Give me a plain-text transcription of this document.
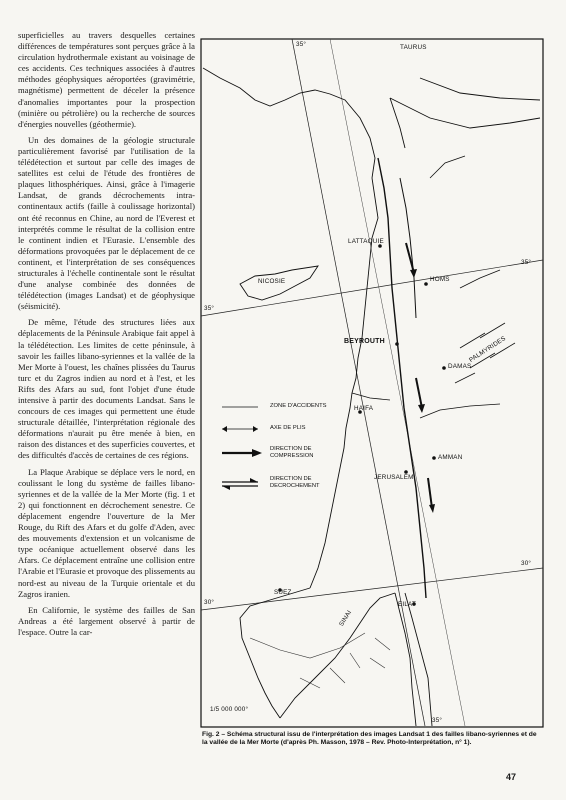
superficielles au travers desquelles certaines différences de températures sont perçues grâce à la circulation hydrothermale existant au voisinage de ces accidents. Ces techniques associées à d'autres méthodes géophysiques aéroportées (gravimétrie, magnétisme) permettent de déceler la présence d'anomalies importantes pour la prospection (minière ou pétrolière) ou la recherche de sources d'énergies nouvelles (géothermie).

Un des domaines de la géologie structurale particulièrement favorisé par l'utilisation de la télédétection et surtout par celle des images de satellites est celui de l'étude des frontières de plaques lithosphériques. Ainsi, grâce à l'imagerie Landsat, de grands décrochements intra-continentaux actifs (faille à coulissage horizontal) ont été reconnus en Chine, au nord de l'Everest et interprétés comme le résultat de la collision entre le continent indien et l'Eurasie. L'ensemble des déformations provoquées par le déplacement de ce continent, et l'interprétation de ses conséquences structurales à l'échelle continentale sont le résultat d'une analyse combinée des données de télédétection (images Landsat) et de géophysique (séismicité).

De même, l'étude des structures liées aux déplacements de la Péninsule Arabique fait appel à la télédétection. Les limites de cette péninsule, à savoir les failles libano-syriennes et la vallée de la Mer Morte à l'ouest, les chaînes plissées du Taurus turc et du Zagros indien au nord et à l'est, et les Rifts des Afars au sud, font l'objet d'une étude intensive à partir des documents Landsat. Sans le concours de ces images qui permettent une étude structurale détaillée, l'interprétation régionale des déformations n'aurait pu être menée à bien, en raison des distances et des superficies couvertes, et des difficultés d'accès de certaines de ces régions.

La Plaque Arabique se déplace vers le nord, en coulissant le long du système de failles libano-syriennes et de la vallée de la Mer Morte (fig. 1 et 2) qui fonctionnent en décrochement senestre. Ce déplacement engendre l'ouverture de la Mer Rouge, du Rift des Afars et du golfe d'Aden, avec des mouvements d'extension et un volcanisme de type océanique actuellement observé dans les Afars. Ce déplacement entraîne une collision entre l'Arabie et l'Eurasie et provoque des plissements au nord-est au niveau de la Turquie orientale et du Zagros iranien.

En Californie, le système des failles de San Andreas a été largement observé à partir de l'espace. Outre la car-

TAURUS
LATTAQUIE
NICOSIE	HOMS
BEYROUTH
DAMAS
PALMYRIDES
HAIFA
AMMAN
JERUSALEM
SUEZ
SINAI
EILAT
35°
35°
35°
30°
30°
35°
ZONE D'ACCIDENTS
AXE DE PLIS
DIRECTION DE
COMPRESSION
DIRECTION DE
DECROCHEMENT
1/5 000 000°
Fig. 2 – Schéma structural issu de l'interprétation des images Landsat 1 des failles libano-syriennes et de la vallée de la Mer Morte (d'après Ph. Masson, 1978 – Rev. Photo-Interprétation, n° 1).
47
